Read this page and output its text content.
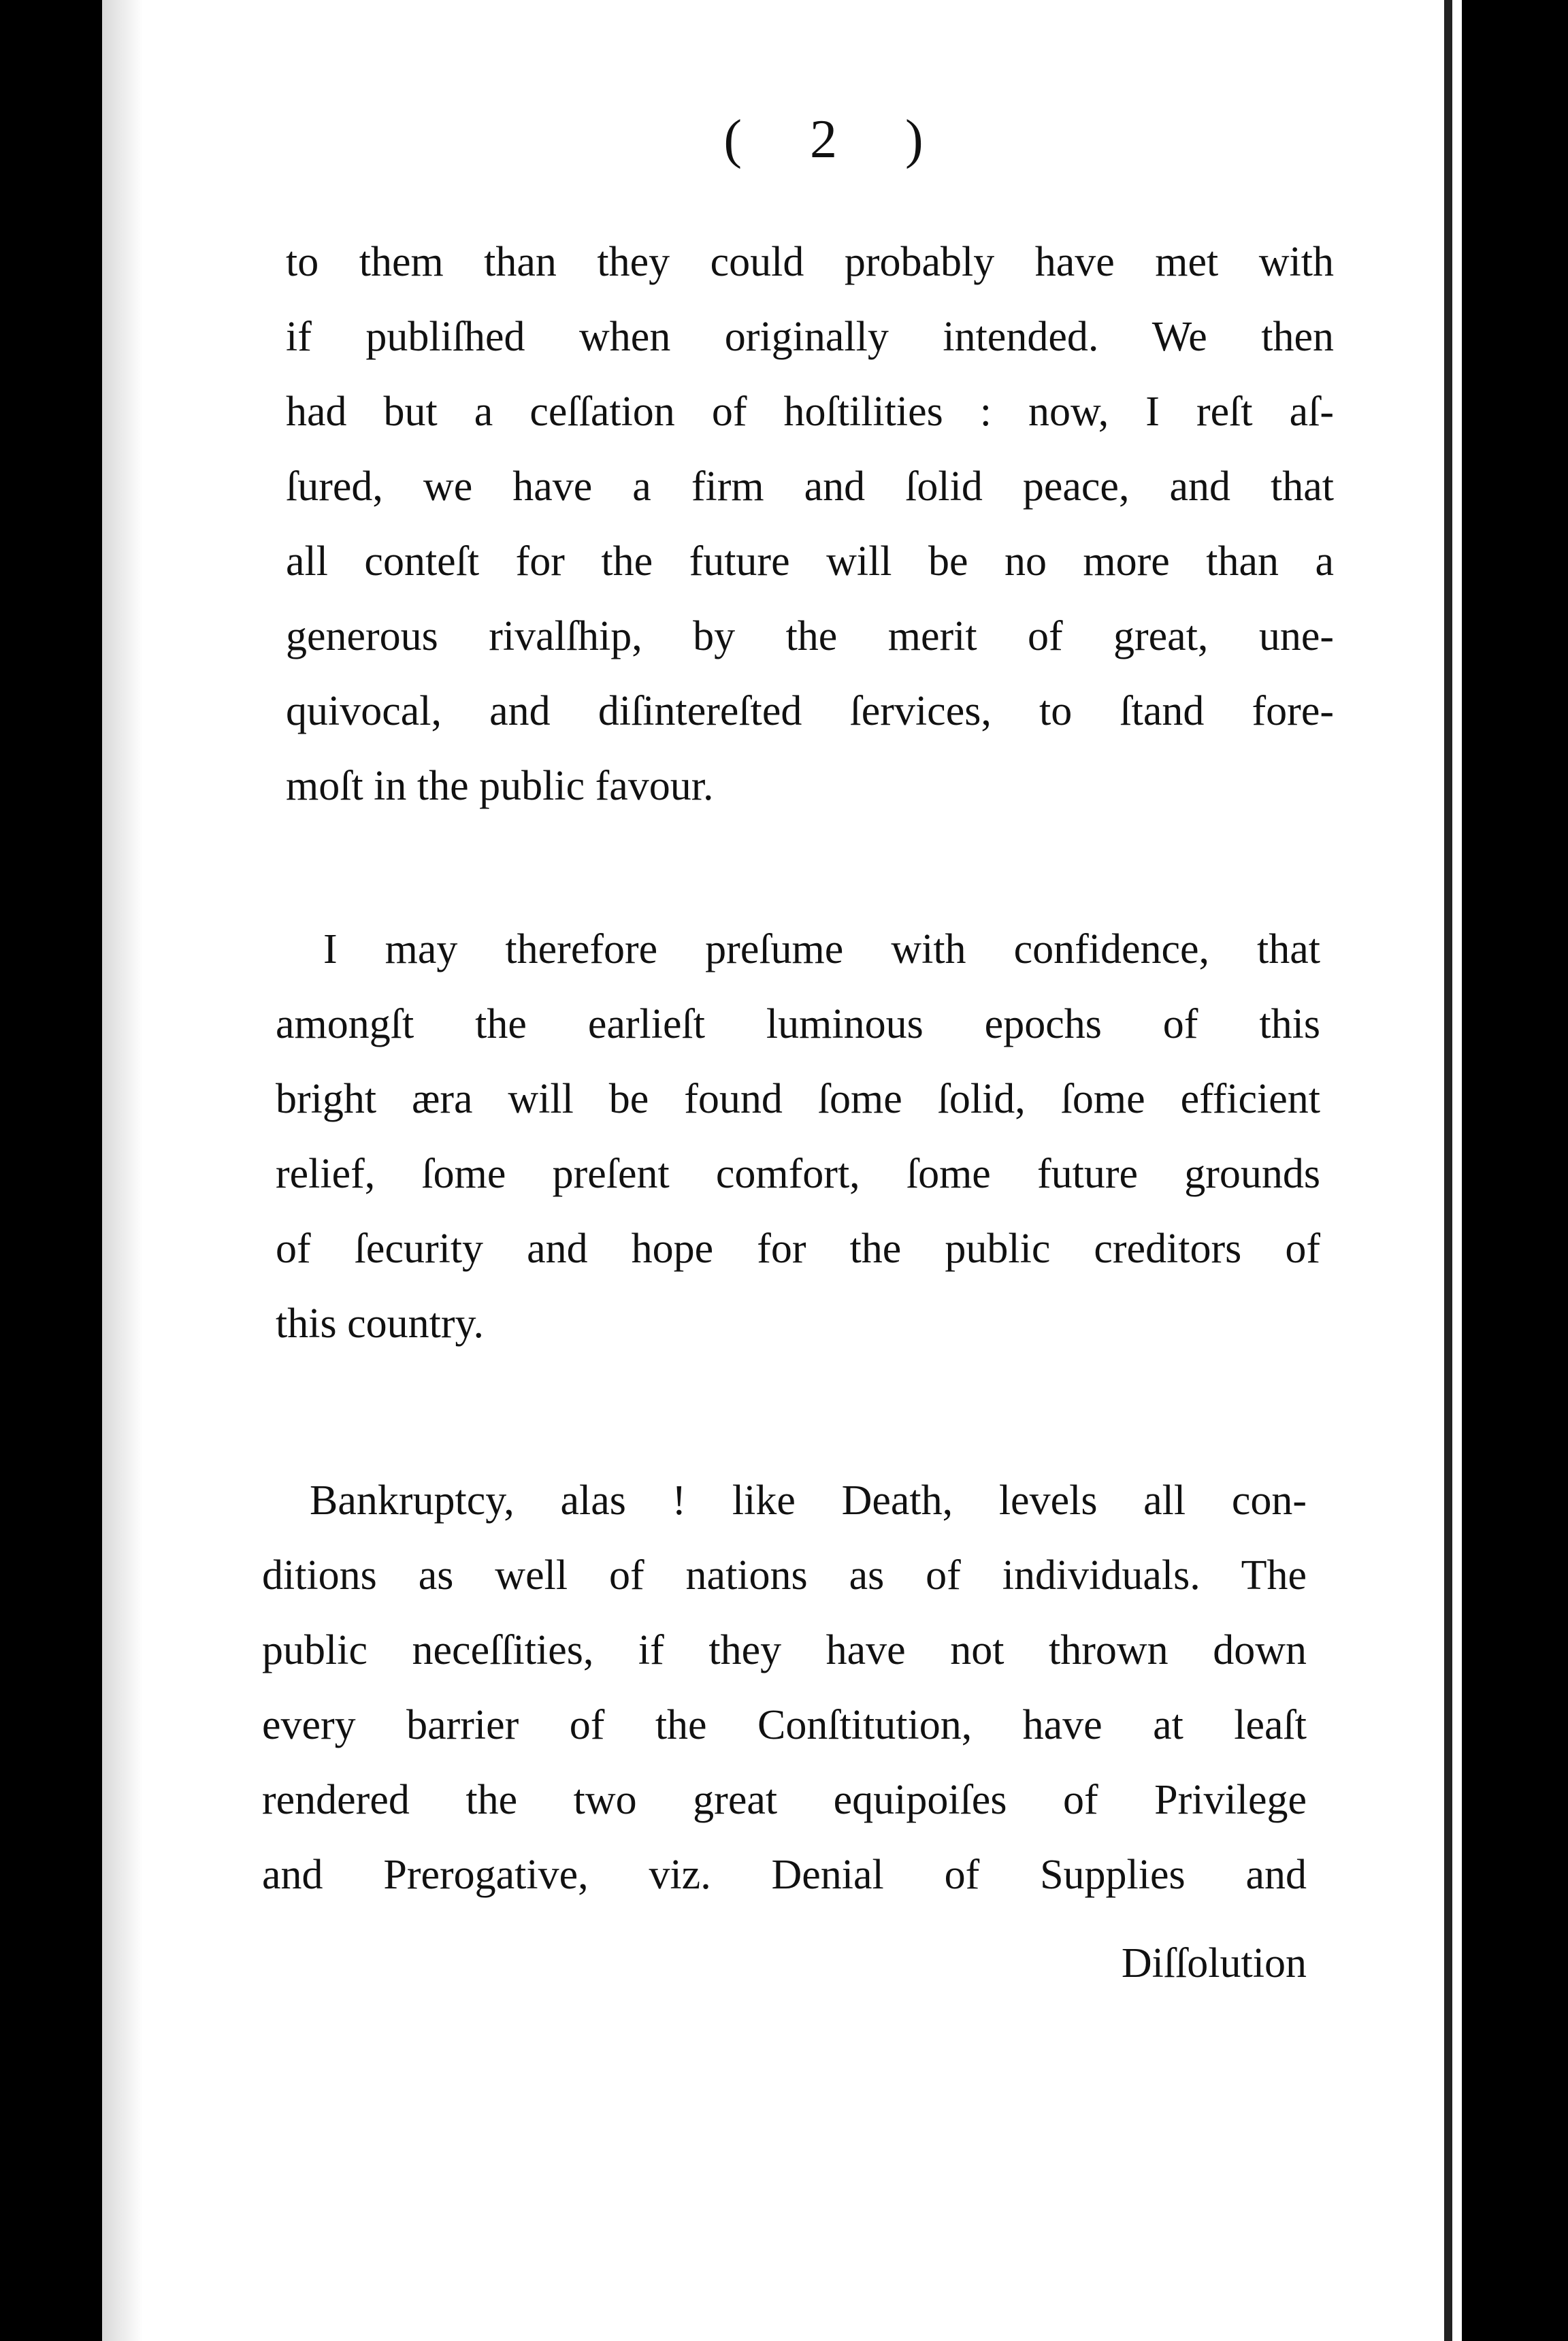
( 2 )
to them than they could probably have met with
if publiſhed when originally intended. We then
had but a ceſſation of hoſtilities : now, I reſt aſ-
ſured, we have a firm and ſolid peace, and that
all conteſt for the future will be no more than a
generous rivalſhip, by the merit of great, une-
quivocal, and diſintereſted ſervices, to ſtand fore-
moſt in the public favour.
I may therefore preſume with confidence, that
amongſt the earlieſt luminous epochs of this
bright æra will be found ſome ſolid, ſome efficient
relief, ſome preſent comfort, ſome future grounds
of ſecurity and hope for the public creditors of
this country.
Bankruptcy, alas ! like Death, levels all con-
ditions as well of nations as of individuals. The
public neceſſities, if they have not thrown down
every barrier of the Conſtitution, have at leaſt
rendered the two great equipoiſes of Privilege
and Prerogative, viz. Denial of Supplies and
Diſſolution
